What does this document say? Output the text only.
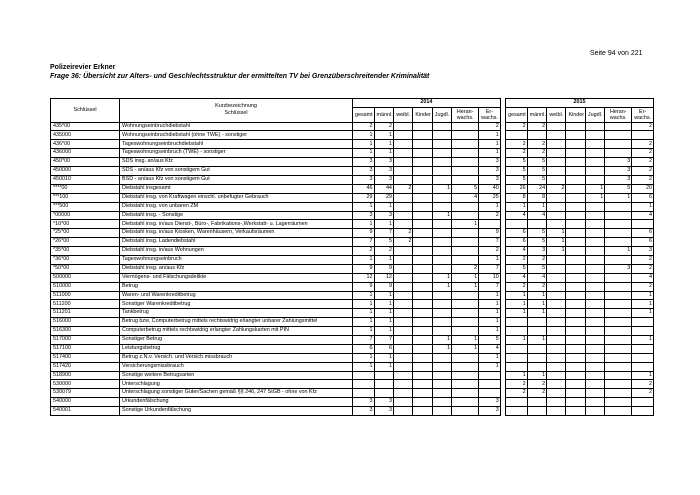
Seite 94 von 221
Polizeirevier Erkner
Frage 36: Übersicht zur Alters- und Geschlechtsstruktur der ermittelten TV bei Grenzüberschreitender Kriminalität
Schlüssel	Kurzbezeichnung
Schlüssel	2014								2015						
		gesamt	männl.	weibl.	Kinder	Jugdl.	Heran-wachs.	Er-wachs.		gesamt	männl.	weibl.	Kinder	Jugdl.	Heran-wachs.	Er-wachs.
435*00	Wohnungseinbruchdiebstahl	2	2					2		2	2					2
435000	Wohnungseinbruchdiebstahl (ohne TWE) - sonstiger	1	1					1								
436*00	Tageswohnungseinbruchdiebstahl	1	1					1		2	2					2
436000	Tageswohnungseinbruch (TWE) - sonstiger	1	1					1		2	2					2
450*00	SDS insg. an/aus Kfz	3	3					3		5	5				3	2
450000	SDS - an/aus Kfz von sonstigem Gut	3	3					3		5	5				3	2
450010	BSD - an/aus Kfz von sonstigem Gut	3	3					3		5	5				3	2
****00	Diebstahl insgesamt	46	44	2		1	5	40		26	24	2		1	5	20
***100	Diebstahl insg. von Kraftwagen einschl. unbefugter Gebrauch	29	29				4	25		8	8			1	1	6
***500	Diebstahl insg. von unbaren ZM	1	1					1		1	1					1
*00000	Diebstahl insg. - Sonstige	3	3			1		2		4	4					4
*10*00	Diebstahl insg. in/aus Dienst-, Büro-, Fabrikations-,Werkstatt- u. Lagerräumen	1	1				1									
*25*00	Diebstahl insg. in/aus Kiosken, Warenhäusern, Verkaufsräumen	9	7	2				9		6	5	1				6
*26*00	Diebstahl insg. Ladendiebstahl	7	5	2				7		6	5	1				6
*35*00	Diebstahl insg. in/aus Wohnungen	2	2					2		4	3	1			1	3
*36*00	Tageswohnungseinbruch	1	1					1		2	2					2
*50*00	Diebstahl insg. an/aus Kfz	9	9				2	7		5	5				3	2
500000	Vermögens- und Fälschungsdelikte	12	12			1	1	10		4	4					4
510000	Betrug	9	9			1	1	7		2	2					2
511000	Waren- und Warenkreditbetrug	1	1					1		1	1					1
511200	Sonstiger Warenkreditbetrug	1	1					1		1	1					1
511201	Tankbetrug	1	1					1		1	1					1
516000	Betrug bzw. Computerbetrug mittels rechtswidrig erlangter unbarer Zahlungsmittel	1	1					1								
516300	Computerbetrug mittels rechtswidrig erlangter Zahlungskarten mit PIN	1	1					1								
517000	Sonstiger Betrug	7	7			1	1	5		1	1					1
517100	Leistungsbetrug	6	6			1	1	4								
517400	Betrug z.N.v. Versich. und Versich.missbrauch	1	1					1								
517420	Versicherungsmissbrauch	1	1					1								
518900	Sonstige weitere Betrugsarten									1	1					1
530000	Unterschlagung									2	2					2
530079	Unterschlagung sonstiger Güter/Sachen gemäß §§ 246, 247 StGB - ohne von Kfz									2	2					2
540000	Urkundenfälschung	3	3					3								
540001	Sonstige Urkundenfälschung	3	3					3								
